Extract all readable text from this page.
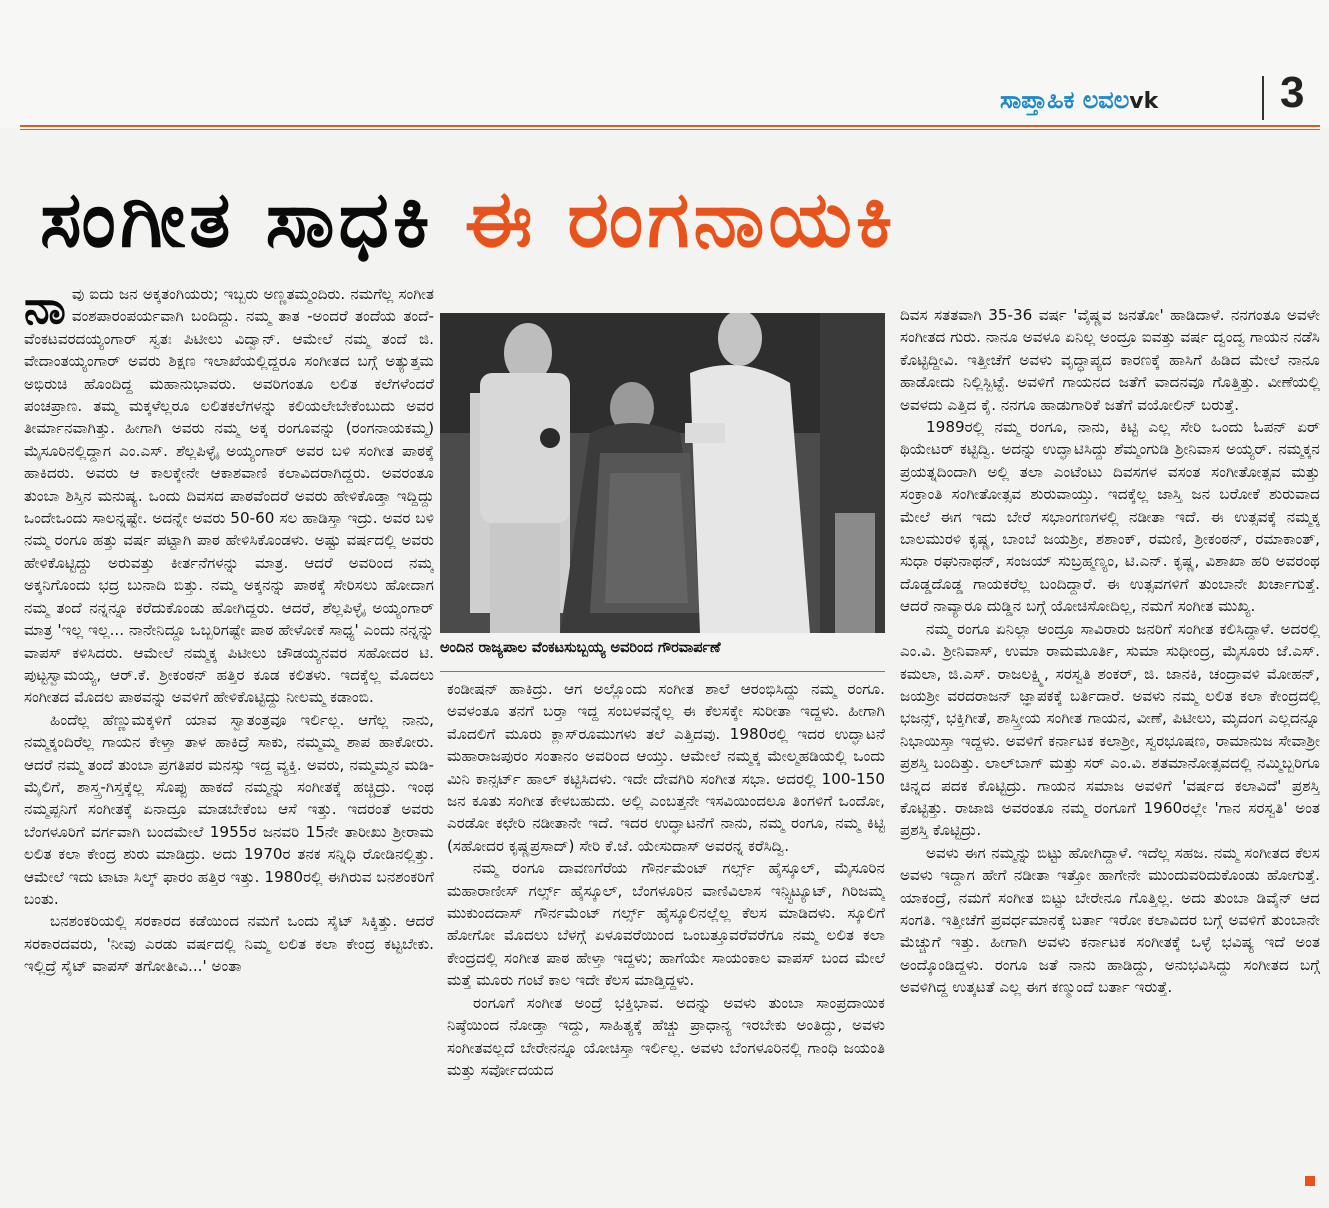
ಸಾಪ್ತಾಹಿಕ ಲವಲvk	3
ಸಂಗೀತ ಸಾಧಕಿ ಈ ರಂಗನಾಯಕಿ
ನಾ ವು ಐದು ಜನ ಅಕ್ಕತಂಗಿಯರು; ಇಬ್ಬರು ಅಣ್ಣತಮ್ಮಂದಿರು. ನಮಗೆಲ್ಲ ಸಂಗೀತ ವಂಶಪಾರಂಪರ್ಯವಾಗಿ ಬಂದಿದ್ದು. ನಮ್ಮ ತಾತ -ಅಂದರೆ ತಂದೆಯ ತಂದೆ- ವೆಂಕಟವರದಯ್ಯಂಗಾರ್ ಸ್ವತಃ ಪಿಟೀಲು ವಿದ್ವಾನ್. ಆಮೇಲೆ ನಮ್ಮ ತಂದೆ ಜಿ. ವೇದಾಂತಯ್ಯಂಗಾರ್ ಅವರು ಶಿಕ್ಷಣ ಇಲಾಖೆಯಲ್ಲಿದ್ದರೂ ಸಂಗೀತದ ಬಗ್ಗೆ ಅತ್ಯುತ್ತಮ ಅಭಿರುಚಿ ಹೊಂದಿದ್ದ ಮಹಾನುಭಾವರು. ಅವರಿಗಂತೂ ಲಲಿತ ಕಲೆಗಳೆಂದರೆ ಪಂಚಪ್ರಾಣ. ತಮ್ಮ ಮಕ್ಕಳೆಲ್ಲರೂ ಲಲಿತಕಲೆಗಳನ್ನು ಕಲಿಯಲೇಬೇಕೆಂಬುದು ಅವರ ತೀರ್ಮಾನವಾಗಿತ್ತು. ಹೀಗಾಗಿ ಅವರು ನಮ್ಮ ಅಕ್ಕ ರಂಗೂವನ್ನು (ರಂಗನಾಯಕಮ್ಮ) ಮೈಸೂರಿನಲ್ಲಿದ್ದಾಗ ಎಂ.ಎಸ್. ಶೆಲ್ಲಪಿಳ್ಳೈ ಅಯ್ಯಂಗಾರ್ ಅವರ ಬಳಿ ಸಂಗೀತ ಪಾಠಕ್ಕೆ ಹಾಕಿದರು. ಅವರು ಆ ಕಾಲಕ್ಕೇನೇ ಆಕಾಶವಾಣಿ ಕಲಾವಿದರಾಗಿದ್ದರು. ಅವರಂತೂ ತುಂಬಾ ಶಿಸ್ತಿನ ಮನುಷ್ಯ. ಒಂದು ದಿವಸದ ಪಾಠವೆಂದರೆ ಅವರು ಹೇಳಿಕೊಡ್ತಾ ಇದ್ದಿದ್ದು ಒಂದೇಒಂದು ಸಾಲನ್ನಷ್ಟೇ. ಅದನ್ನೇ ಅವರು 50-60 ಸಲ ಹಾಡಿಸ್ತಾ ಇದ್ರು. ಅವರ ಬಳಿ ನಮ್ಮ ರಂಗೂ ಹತ್ತು ವರ್ಷ ಪಟ್ಟಾಗಿ ಪಾಠ ಹೇಳಿಸಿಕೊಂಡಳು. ಅಷ್ಟು ವರ್ಷದಲ್ಲಿ ಅವರು ಹೇಳಿಕೊಟ್ಟಿದ್ದು ಅರುವತ್ತು ಕೀರ್ತನೆಗಳನ್ನು ಮಾತ್ರ. ಆದರೆ ಅವರಿಂದ ನಮ್ಮ ಅಕ್ಕನಿಗೊಂದು ಭದ್ರ ಬುನಾದಿ ಬಿತ್ತು. ನಮ್ಮ ಅಕ್ಕನನ್ನು ಪಾಠಕ್ಕೆ ಸೇರಿಸಲು ಹೋದಾಗ ನಮ್ಮ ತಂದೆ ನನ್ನನ್ನೂ ಕರೆದುಕೊಂಡು ಹೋಗಿದ್ದರು. ಆದರೆ, ಶೆಲ್ಲಪಿಳ್ಳೈ ಅಯ್ಯಂಗಾರ್ ಮಾತ್ರ 'ಇಲ್ಲ ಇಲ್ಲ... ನಾನೇನಿದ್ದೂ ಒಬ್ಬರಿಗಷ್ಟೇ ಪಾಠ ಹೇಳೋಕೆ ಸಾಧ್ಯ' ಎಂದು ನನ್ನನ್ನು ವಾಪಸ್ ಕಳಿಸಿದರು. ಆಮೇಲೆ ನಮ್ಮಕ್ಕ ಪಿಟೀಲು ಚೌಡಯ್ಯನವರ ಸಹೋದರ ಟಿ. ಪುಟ್ಟಸ್ವಾಮಯ್ಯ, ಆರ್.ಕೆ. ಶ್ರೀಕಂಠನ್ ಹತ್ತಿರ ಕೂಡ ಕಲಿತಳು. ಇದಕ್ಕೆಲ್ಲ ಮೊದಲು ಸಂಗೀತದ ಮೊದಲ ಪಾಠವನ್ನು ಅವಳಿಗೆ ಹೇಳಿಕೊಟ್ಟಿದ್ದು ನೀಲಮ್ಮ ಕಡಾಂಬಿ.

ಹಿಂದೆಲ್ಲ ಹೆಣ್ಣುಮಕ್ಕಳಿಗೆ ಯಾವ ಸ್ವಾತಂತ್ರವೂ ಇರ್ಲಿಲ್ಲ. ಆಗೆಲ್ಲ ನಾನು, ನಮ್ಮಕ್ಕಂದಿರೆಲ್ಲ ಗಾಯನ ಕೇಳ್ತಾ ತಾಳ ಹಾಕಿದ್ರೆ ಸಾಕು, ನಮ್ಮಮ್ಮ ಶಾಪ ಹಾಕೋರು. ಆದರೆ ನಮ್ಮ ತಂದೆ ತುಂಬಾ ಪ್ರಗತಿಪರ ಮನಸ್ಸು ಇದ್ದ ವ್ಯಕ್ತಿ. ಅವರು, ನಮ್ಮಮ್ಮನ ಮಡಿ-ಮೈಲಿಗೆ, ಶಾಸ್ತ್ರ-ಗಿಸ್ತಕ್ಕೆಲ್ಲ ಸೊಪ್ಪು ಹಾಕದೆ ನಮ್ಮನ್ನು ಸಂಗೀತಕ್ಕೆ ಹಚ್ಚಿದ್ರು. ಇಂಥ ನಮ್ಮಪ್ಪನಿಗೆ ಸಂಗೀತಕ್ಕೆ ಏನಾದ್ರೂ ಮಾಡಬೇಕೆಂಬ ಆಸೆ ಇತ್ತು. ಇದರಂತೆ ಅವರು ಬೆಂಗಳೂರಿಗೆ ವರ್ಗವಾಗಿ ಬಂದಮೇಲೆ 1955ರ ಜನವರಿ 15ನೇ ತಾರೀಖು ಶ್ರೀರಾಮ ಲಲಿತ ಕಲಾ ಕೇಂದ್ರ ಶುರು ಮಾಡಿದ್ರು. ಅದು 1970ರ ತನಕ ಸನ್ನಿಧಿ ರೋಡಿನಲ್ಲಿತ್ತು. ಆಮೇಲೆ ಇದು ಟಾಟಾ ಸಿಲ್ಕ್ ಫಾರಂ ಹತ್ತಿರ ಇತ್ತು. 1980ರಲ್ಲಿ ಈಗಿರುವ ಬನಶಂಕರಿಗೆ ಬಂತು.

ಬನಶಂಕರಿಯಲ್ಲಿ ಸರಕಾರದ ಕಡೆಯಿಂದ ನಮಗೆ ಒಂದು ಸೈಟ್ ಸಿಕ್ಕಿತ್ತು. ಆದರೆ ಸರಕಾರದವರು, 'ನೀವು ಎರಡು ವರ್ಷದಲ್ಲಿ ನಿಮ್ಮ ಲಲಿತ ಕಲಾ ಕೇಂದ್ರ ಕಟ್ಟಬೇಕು. ಇಲ್ಲಿದ್ರೆ ಸೈಟ್ ವಾಪಸ್ ತಗೋತೀವಿ...' ಅಂತಾ

ಅಂದಿನ ರಾಜ್ಯಪಾಲ ವೆಂಕಟಸುಬ್ಬಯ್ಯ ಅವರಿಂದ ಗೌರವಾರ್ಪಣೆ

ಕಂಡೀಷನ್ ಹಾಕಿದ್ರು. ಆಗ ಅಲ್ಲೊಂದು ಸಂಗೀತ ಶಾಲೆ ಆರಂಭಿಸಿದ್ದು ನಮ್ಮ ರಂಗೂ. ಅವಳಂತೂ ತನಗೆ ಬರ್‍ತಾ ಇದ್ದ ಸಂಬಳವನ್ನೆಲ್ಲ ಈ ಕೆಲಸಕ್ಕೇ ಸುರೀತಾ ಇದ್ದಳು. ಹೀಗಾಗಿ ಮೊದಲಿಗೆ ಮೂರು ಕ್ಲಾಸ್‌ರೂಮುಗಳು ತಲೆ ಎತ್ತಿದವು. 1980ರಲ್ಲಿ ಇದರ ಉದ್ಘಾಟನೆ ಮಹಾರಾಜಪುರಂ ಸಂತಾನಂ ಅವರಿಂದ ಆಯ್ತು. ಆಮೇಲೆ ನಮ್ಮಕ್ಕ ಮೇಲ್ಮಹಡಿಯಲ್ಲಿ ಒಂದು ಮಿನಿ ಕಾನ್ಸರ್ಟ್ ಹಾಲ್ ಕಟ್ಟಿಸಿದಳು. ಇದೇ ದೇವಗಿರಿ ಸಂಗೀತ ಸಭಾ. ಅದರಲ್ಲಿ 100-150 ಜನ ಕೂತು ಸಂಗೀತ ಕೇಳಬಹುದು. ಅಲ್ಲಿ ಎಂಬತ್ತನೇ ಇಸವಿಯಿಂದಲೂ ತಿಂಗಳಿಗೆ ಒಂದೋ, ಎರಡೋ ಕಛೇರಿ ನಡೀತಾನೇ ಇದೆ. ಇದರ ಉದ್ಘಾಟನೆಗೆ ನಾನು, ನಮ್ಮ ರಂಗೂ, ನಮ್ಮ ಕಿಟ್ಟಿ (ಸಹೋದರ ಕೃಷ್ಣಪ್ರಸಾದ್) ಸೇರಿ ಕೆ.ಜೆ. ಯೇಸುದಾಸ್ ಅವರನ್ನ ಕರೆಸಿದ್ವಿ.

ನಮ್ಮ ರಂಗೂ ದಾವಣಗೆರೆಯ ಗೌರ್ನಮೆಂಟ್ ಗರ್ಲ್ಸ್ ಹೈಸ್ಕೂಲ್, ಮೈಸೂರಿನ ಮಹಾರಾಣೀಸ್ ಗರ್ಲ್ಸ್ ಹೈಸ್ಕೂಲ್, ಬೆಂಗಳೂರಿನ ವಾಣಿವಿಲಾಸ ಇನ್ಸ್ಟಿಟ್ಯೂಟ್, ಗಿರಿಜಮ್ಮ ಮುಕುಂದದಾಸ್ ಗೌರ್ನಮೆಂಟ್ ಗರ್ಲ್ಸ್ ಹೈಸ್ಕೂಲಿನಲ್ಲೆಲ್ಲ ಕೆಲಸ ಮಾಡಿದಳು. ಸ್ಕೂಲಿಗೆ ಹೋಗೋ ಮೊದಲು ಬೆಳಗ್ಗೆ ಏಳೂವರೆಯಿಂದ ಒಂಬತ್ತೂವರೆವರೆಗೂ ನಮ್ಮ ಲಲಿತ ಕಲಾ ಕೇಂದ್ರದಲ್ಲಿ ಸಂಗೀತ ಪಾಠ ಹೇಳ್ತಾ ಇದ್ದಳು; ಹಾಗೆಯೇ ಸಾಯಂಕಾಲ ವಾಪಸ್ ಬಂದ ಮೇಲೆ ಮತ್ತೆ ಮೂರು ಗಂಟೆ ಕಾಲ ಇದೇ ಕೆಲಸ ಮಾಡ್ತಿದ್ದಳು.

ರಂಗೂಗೆ ಸಂಗೀತ ಅಂದ್ರೆ ಭಕ್ತಿಭಾವ. ಅದನ್ನು ಅವಳು ತುಂಬಾ ಸಾಂಪ್ರದಾಯಿಕ ನಿಷ್ಠೆಯಿಂದ ನೋಡ್ತಾ ಇದ್ದು, ಸಾಹಿತ್ಯಕ್ಕೆ ಹೆಚ್ಚು ಪ್ರಾಧಾನ್ಯ ಇರಬೇಕು ಅಂತಿದ್ದು, ಅವಳು ಸಂಗೀತವಲ್ಲದೆ ಬೇರೇನನ್ನೂ ಯೋಚಿಸ್ತಾ ಇರ್ಲಿಲ್ಲ. ಅವಳು ಬೆಂಗಳೂರಿನಲ್ಲಿ ಗಾಂಧಿ ಜಯಂತಿ ಮತ್ತು ಸರ್ವೋದಯದ

ದಿವಸ ಸತತವಾಗಿ 35-36 ವರ್ಷ 'ವೈಷ್ಣವ ಜನತೋ' ಹಾಡಿದಾಳೆ. ನನಗಂತೂ ಅವಳೇ ಸಂಗೀತದ ಗುರು. ನಾನೂ ಅವಳೂ ಏನಿಲ್ಲ ಅಂದ್ರೂ ಐವತ್ತು ವರ್ಷ ದ್ವಂದ್ವ ಗಾಯನ ನಡೆಸಿ ಕೊಟ್ಟಿದ್ದೀವಿ. ಇತ್ತೀಚೆಗೆ ಅವಳು ವೃದ್ಧಾಪ್ಯದ ಕಾರಣಕ್ಕೆ ಹಾಸಿಗೆ ಹಿಡಿದ ಮೇಲೆ ನಾನೂ ಹಾಡೋದು ನಿಲ್ಲಿಸ್ಬಿಟ್ಟೆ. ಅವಳಿಗೆ ಗಾಯನದ ಜತೆಗೆ ವಾದನವೂ ಗೊತ್ತಿತ್ತು. ವೀಣೆಯಲ್ಲಿ ಅವಳದು ಎತ್ತಿದ ಕೈ. ನನಗೂ ಹಾಡುಗಾರಿಕೆ ಜತೆಗೆ ವಯೋಲಿನ್ ಬರುತ್ತೆ.

1989ರಲ್ಲಿ ನಮ್ಮ ರಂಗೂ, ನಾನು, ಕಿಟ್ಟಿ ಎಲ್ಲ ಸೇರಿ ಒಂದು ಓಪನ್ ಏರ್ ಥಿಯೇಟರ್ ಕಟ್ಟಿದ್ವಿ. ಅದನ್ನು ಉದ್ಘಾಟಿಸಿದ್ದು ಶೆಮ್ಮಂಗುಡಿ ಶ್ರೀನಿವಾಸ ಅಯ್ಯರ್. ನಮ್ಮಕ್ಕನ ಪ್ರಯತ್ನದಿಂದಾಗಿ ಅಲ್ಲಿ ತಲಾ ಎಂಟೆಂಟು ದಿವಸಗಳ ವಸಂತ ಸಂಗೀತೋತ್ಸವ ಮತ್ತು ಸಂಕ್ರಾಂತಿ ಸಂಗೀತೋತ್ಸವ ಶುರುವಾಯ್ತು. ಇದಕ್ಕೆಲ್ಲ ಜಾಸ್ತಿ ಜನ ಬರೋಕೆ ಶುರುವಾದ ಮೇಲೆ ಈಗ ಇದು ಬೇರೆ ಸಭಾಂಗಣಗಳಲ್ಲಿ ನಡೀತಾ ಇದೆ. ಈ ಉತ್ಸವಕ್ಕೆ ನಮ್ಮಕ್ಕ ಬಾಲಮುರಳಿ ಕೃಷ್ಣ, ಬಾಂಬೆ ಜಯಶ್ರೀ, ಶಶಾಂಕ್, ರಮಣಿ, ಶ್ರೀಕಂಠನ್, ರಮಾಕಾಂತ್, ಸುಧಾ ರಘುನಾಥನ್, ಸಂಜಯ್ ಸುಬ್ರಹ್ಮಣ್ಯಂ, ಟಿ.ಎನ್. ಕೃಷ್ಣ, ವಿಶಾಖಾ ಹರಿ ಅವರಂಥ ದೊಡ್ಡದೊಡ್ಡ ಗಾಯಕರೆಲ್ಲ ಬಂದಿದ್ದಾರೆ. ಈ ಉತ್ಸವಗಳಿಗೆ ತುಂಬಾನೇ ಖರ್ಚಾಗುತ್ತೆ. ಆದರೆ ನಾವ್ಯಾರೂ ದುಡ್ಡಿನ ಬಗ್ಗೆ ಯೋಚಿಸೋದಿಲ್ಲ, ನಮಗೆ ಸಂಗೀತ ಮುಖ್ಯ.

ನಮ್ಮ ರಂಗೂ ಏನಿಲ್ಲಾ ಅಂದ್ರೂ ಸಾವಿರಾರು ಜನರಿಗೆ ಸಂಗೀತ ಕಲಿಸಿದ್ದಾಳೆ. ಅದರಲ್ಲಿ ಎಂ.ವಿ. ಶ್ರೀನಿವಾಸ್, ಉಮಾ ರಾಮಮೂರ್ತಿ, ಸುಮಾ ಸುಧೀಂದ್ರ, ಮೈಸೂರು ಜೆ.ಎಸ್. ಕಮಲಾ, ಜಿ.ಎಸ್. ರಾಜಲಕ್ಷ್ಮಿ, ಸರಸ್ವತಿ ಶಂಕರ್, ಜಿ. ಜಾನಕಿ, ಚಂದ್ರಾವಳಿ ಮೋಹನ್, ಜಯಶ್ರೀ ವರದರಾಜನ್ ಜ್ಞಾಪಕಕ್ಕೆ ಬರ್ತಿದಾರೆ. ಅವಳು ನಮ್ಮ ಲಲಿತ ಕಲಾ ಕೇಂದ್ರದಲ್ಲಿ ಭಜನ್ಸ್, ಭಕ್ತಿಗೀತೆ, ಶಾಸ್ತ್ರೀಯ ಸಂಗೀತ ಗಾಯನ, ವೀಣೆ, ಪಿಟೀಲು, ಮೃದಂಗ ಎಲ್ಲದನ್ನೂ ನಿಭಾಯಿಸ್ತಾ ಇದ್ದಳು. ಅವಳಿಗೆ ಕರ್ನಾಟಕ ಕಲಾಶ್ರೀ, ಸ್ವರಭೂಷಣ, ರಾಮಾನುಜ ಸೇವಾಶ್ರೀ ಪ್ರಶಸ್ತಿ ಬಂದಿತ್ತು. ಲಾಲ್‌ಬಾಗ್ ಮತ್ತು ಸರ್ ಎಂ.ವಿ. ಶತಮಾನೋತ್ಸವದಲ್ಲಿ ನಮ್ಮಿಬ್ಬರಿಗೂ ಚಿನ್ನದ ಪದಕ ಕೊಟ್ಟಿದ್ರು. ಗಾಯನ ಸಮಾಜ ಅವಳಿಗೆ 'ವರ್ಷದ ಕಲಾವಿದೆ' ಪ್ರಶಸ್ತಿ ಕೊಟ್ಟಿತ್ತು. ರಾಜಾಜಿ ಅವರಂತೂ ನಮ್ಮ ರಂಗೂಗೆ 1960ರಲ್ಲೇ 'ಗಾನ ಸರಸ್ವತಿ' ಅಂತ ಪ್ರಶಸ್ತಿ ಕೊಟ್ಟಿದ್ರು.

ಅವಳು ಈಗ ನಮ್ಮನ್ನು ಬಿಟ್ಟು ಹೋಗಿದ್ದಾಳೆ. ಇದೆಲ್ಲ ಸಹಜ. ನಮ್ಮ ಸಂಗೀತದ ಕೆಲಸ ಅವಳು ಇದ್ದಾಗ ಹೇಗೆ ನಡೀತಾ ಇತ್ತೋ ಹಾಗೇನೇ ಮುಂದುವರಿದುಕೊಂಡು ಹೋಗುತ್ತೆ. ಯಾಕಂದ್ರೆ, ನಮಗೆ ಸಂಗೀತ ಬಿಟ್ಟು ಬೇರೇನೂ ಗೊತ್ತಿಲ್ಲ. ಅದು ತುಂಬಾ ಡಿವೈನ್ ಆದ ಸಂಗತಿ. ಇತ್ತೀಚೆಗೆ ಪ್ರವರ್ಧಮಾನಕ್ಕೆ ಬರ್ತಾ ಇರೋ ಕಲಾವಿದರ ಬಗ್ಗೆ ಅವಳಿಗೆ ತುಂಬಾನೇ ಮೆಚ್ಚುಗೆ ಇತ್ತು. ಹೀಗಾಗಿ ಅವಳು ಕರ್ನಾಟಕ ಸಂಗೀತಕ್ಕೆ ಒಳ್ಳೆ ಭವಿಷ್ಯ ಇದೆ ಅಂತ ಅಂದ್ಕೊಂಡಿದ್ದಳು. ರಂಗೂ ಜತೆ ನಾನು ಹಾಡಿದ್ದು, ಅನುಭವಿಸಿದ್ದು ಸಂಗೀತದ ಬಗ್ಗೆ ಅವಳಿಗಿದ್ದ ಉತ್ಕಟತೆ ಎಲ್ಲ ಈಗ ಕಣ್ಮುಂದೆ ಬರ್ತಾ ಇರುತ್ತೆ.
